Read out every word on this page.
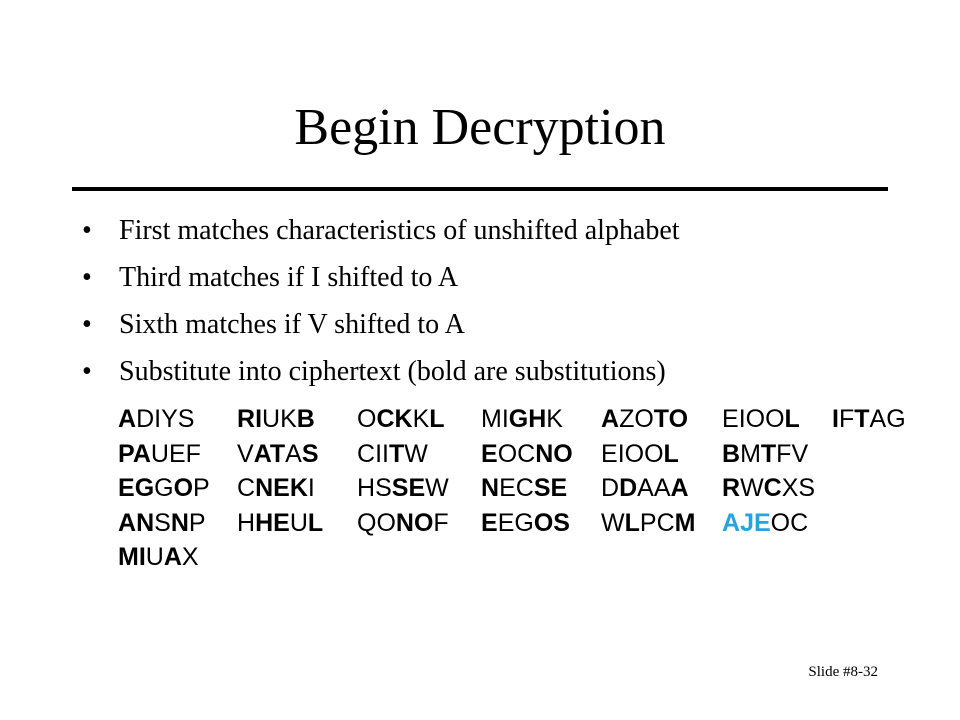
Begin Decryption
• First matches characteristics of unshifted alphabet
• Third matches if I shifted to A
• Sixth matches if V shifted to A
• Substitute into ciphertext (bold are substitutions)
ADIYS	RIUKB	OCKKL	MIGHK	AZOTO	EIOOL	IFTAG
PAUEF	VATAS	CIITW	EOCNO	EIOOL	BMTFV
EGGOP	CNEKI	HSSEW	NECSE	DDAAA	RWCXS
ANSNP	HHEUL	QONOF	EEGOS	WLPCM	AJEOC
MIUAX
Slide #8-32
